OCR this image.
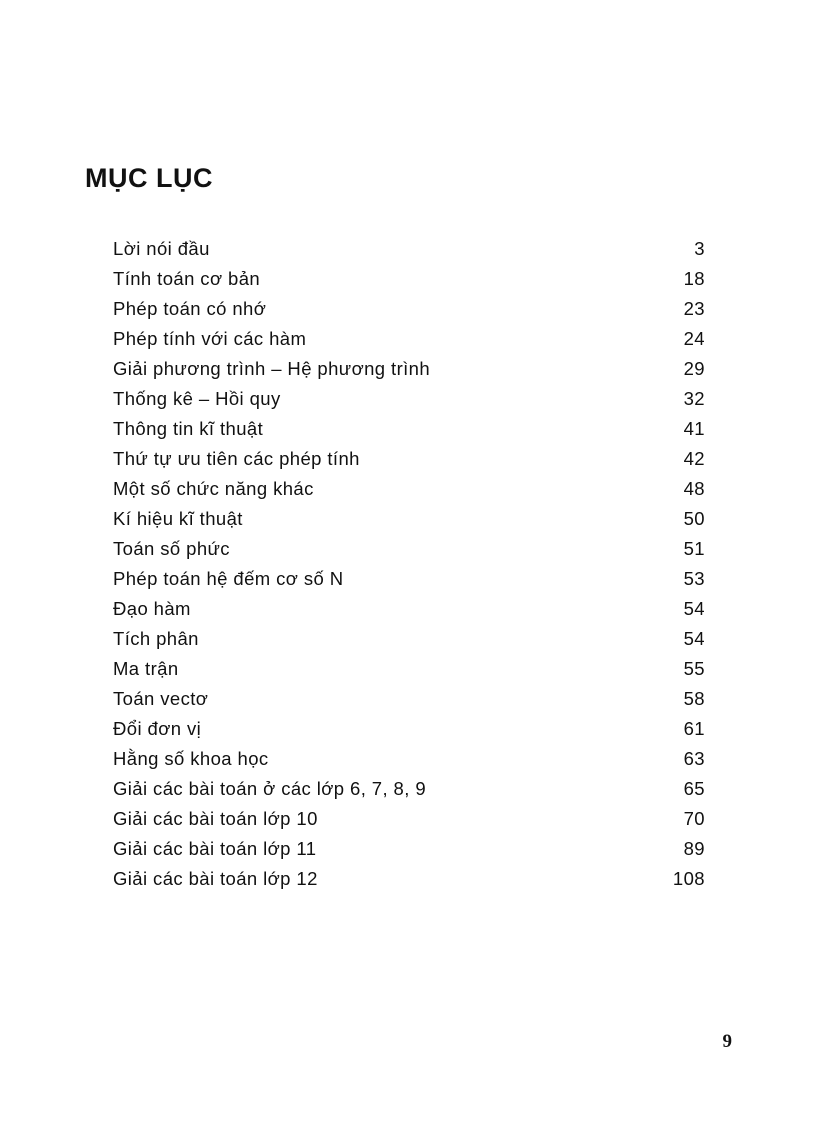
MỤC LỤC
Lời nói đầu	3
Tính toán cơ bản	18
Phép toán có nhớ	23
Phép tính với các hàm	24
Giải phương trình – Hệ phương trình	29
Thống kê – Hồi quy	32
Thông tin kĩ thuật	41
Thứ tự ưu tiên các phép tính	42
Một số chức năng khác	48
Kí hiệu kĩ thuật	50
Toán số phức	51
Phép toán hệ đếm cơ số N	53
Đạo hàm	54
Tích phân	54
Ma trận	55
Toán vectơ	58
Đổi đơn vị	61
Hằng số khoa học	63
Giải các bài toán ở các lớp 6, 7, 8, 9	65
Giải các bài toán lớp 10	70
Giải các bài toán lớp 11	89
Giải các bài toán lớp 12	108
9
